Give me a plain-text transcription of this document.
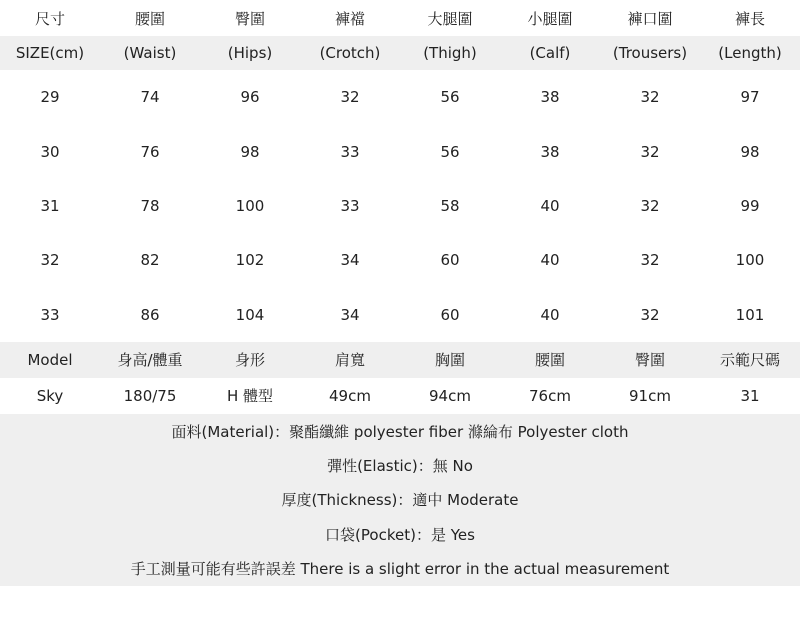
尺寸	腰圍	臀圍	褲襠	大腿圍	小腿圍	褲口圍	褲長
SIZE(cm)	(Waist)	(Hips)	(Crotch)	(Thigh)	(Calf)	(Trousers)	(Length)
29	74	96	32	56	38	32	97
30	76	98	33	56	38	32	98
31	78	100	33	58	40	32	99
32	82	102	34	60	40	32	100
33	86	104	34	60	40	32	101
Model	身高/體重	身形	肩寬	胸圍	腰圍	臀圍	示範尺碼
Sky	180/75	H 體型	49cm	94cm	76cm	91cm	31
面料(Material)：聚酯纖維 polyester fiber 滌綸布 Polyester cloth
彈性(Elastic)：無 No
厚度(Thickness)：適中 Moderate
口袋(Pocket)：是 Yes
手工測量可能有些許誤差 There is a slight error in the actual measurement
